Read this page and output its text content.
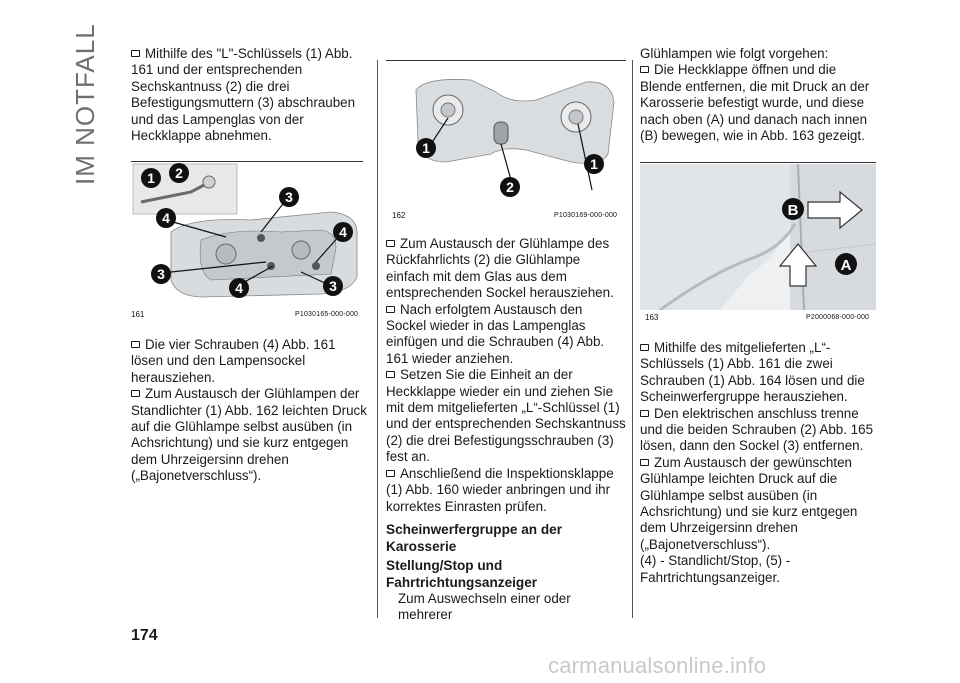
IM NOTFALL	Mithilfe des "L"-Schlüssels (1) Abb. 161 und der entsprechenden Sechskantnuss (2) die drei Befestigungsmuttern (3) abschrauben und das Lampenglas von der Heckklappe abnehmen.

1 2
3
4
4
3
4	3
161	P1030165-000-000

Die vier Schrauben (4) Abb. 161 lösen und den Lampensockel herausziehen.

Zum Austausch der Glühlampen der Standlichter (1) Abb. 162 leichten Druck auf die Glühlampe selbst ausüben (in Achsrichtung) und sie kurz entgegen dem Uhrzeigersinn drehen („Bajonetverschluss“).

1
2
1
162	P1030169-000-000

Zum Austausch der Glühlampe des Rückfahrlichts (2) die Glühlampe einfach mit dem Glas aus dem entsprechenden Sockel herausziehen.

Nach erfolgtem Austausch den Sockel wieder in das Lampenglas einfügen und die Schrauben (4) Abb. 161 wieder anziehen.

Setzen Sie die Einheit an der Heckklappe wieder ein und ziehen Sie mit dem mitgelieferten „L“-Schlüssel (1) und der entsprechenden Sechskantnuss (2) die drei Befestigungsschrauben (3) fest an.

Anschließend die Inspektionsklappe (1) Abb. 160 wieder anbringen und ihr korrektes Einrasten prüfen.

Scheinwerfergruppe an der Karosserie

Stellung/Stop und Fahrtrichtungsanzeiger

Zum Auswechseln einer oder mehrerer

Glühlampen wie folgt vorgehen:

Die Heckklappe öffnen und die Blende entfernen, die mit Druck an der Karosserie befestigt wurde, und diese nach oben (A) und danach nach innen (B) bewegen, wie in Abb. 163 gezeigt.

B
A
163	P2000068-000-000

Mithilfe des mitgelieferten „L“-Schlüssels (1) Abb. 161 die zwei Schrauben (1) Abb. 164 lösen und die Scheinwerfergruppe herausziehen.

Den elektrischen anschluss trenne und die beiden Schrauben (2) Abb. 165 lösen, dann den Sockel (3) entfernen.

Zum Austausch der gewünschten Glühlampe leichten Druck auf die Glühlampe selbst ausüben (in Achsrichtung) und sie kurz entgegen dem Uhrzeigersinn drehen („Bajonetverschluss“).

(4) - Standlicht/Stop, (5) - Fahrtrichtungsanzeiger.

174
carmanualsonline.info
